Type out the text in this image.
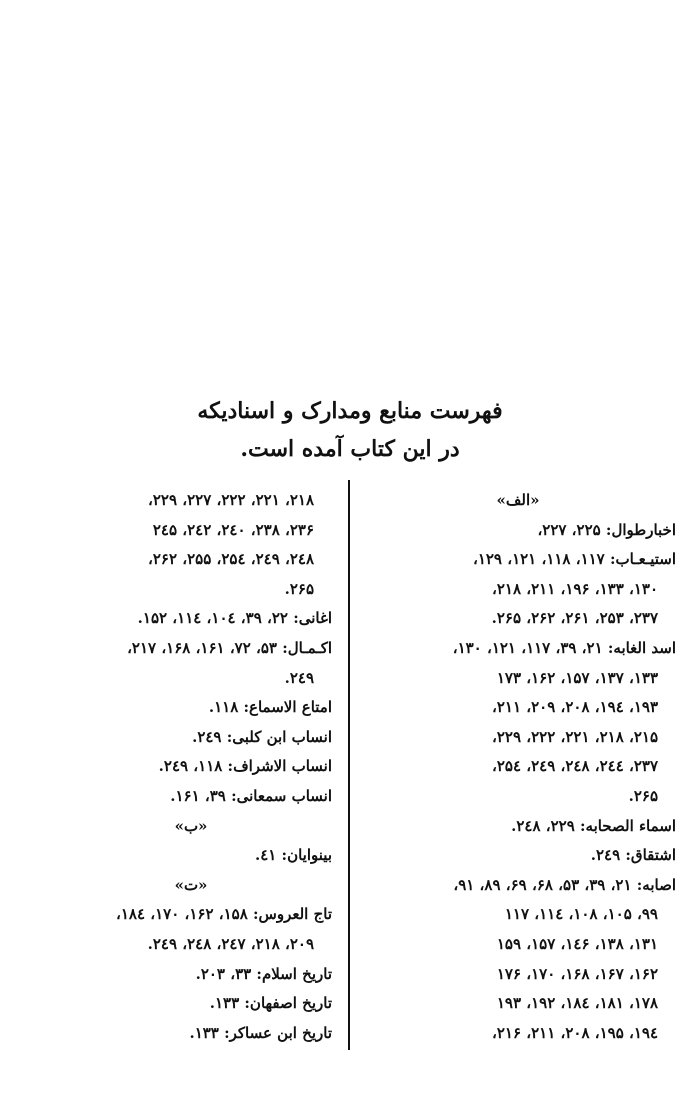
فهرست منابع ومدارک و اسنادیکه
در این کتاب آمده است.
«الف»
اخبارطوال: ۲۲۵، ۲۲۷،
استيـعـاب: ۱۱۷، ۱۱۸، ۱۲۱، ۱۲۹،
۱۳۰، ۱۳۳، ۱۹۶، ۲۱۱، ۲۱۸،
۲۳۷، ۲۵۳، ۲۶۱، ۲۶۲، ۲۶۵.
اسد الغابه: ۲۱، ۳۹، ۱۱۷، ۱۲۱، ۱۳۰،
۱۳۳، ۱۳۷، ۱۵۷، ۱۶۲، ۱۷۳
۱۹۳، ۱۹٤، ۲۰۸، ۲۰۹، ۲۱۱،
۲۱۵، ۲۱۸، ۲۲۱، ۲۲۲، ۲۲۹،
۲۳۷، ۲٤٤، ۲٤۸، ۲٤۹، ۲۵٤،
۲۶۵.
اسماء الصحابه: ۲۲۹، ۲٤۸.
اشتقاق: ۲٤۹.
اصابه: ۲۱، ۳۹، ۵۳، ۶۸، ۶۹، ۸۹، ۹۱،
۹۹، ۱۰۵، ۱۰۸، ۱۱٤، ۱۱۷
۱۳۱، ۱۳۸، ۱٤۶، ۱۵۷، ۱۵۹
۱۶۲، ۱۶۷، ۱۶۸، ۱۷۰، ۱۷۶
۱۷۸، ۱۸۱، ۱۸٤، ۱۹۲، ۱۹۳
۱۹٤، ۱۹۵، ۲۰۸، ۲۱۱، ۲۱۶،
۲۱۸، ۲۲۱، ۲۲۲، ۲۲۷، ۲۲۹،
۲۳۶، ۲۳۸، ۲٤۰، ۲٤۲، ۲٤۵
۲٤۸، ۲٤۹، ۲۵٤، ۲۵۵، ۲۶۲،
۲۶۵.
اغانی: ۲۲، ۳۹، ۱۰٤، ۱۱٤، ۱۵۲.
اکـمـال: ۵۳، ۷۲، ۱۶۱، ۱۶۸، ۲۱۷،
۲٤۹.
امتاع الاسماع: ۱۱۸.
انساب ابن کلبی: ۲٤۹.
انساب الاشراف: ۱۱۸، ۲٤۹.
انساب سمعانی: ۳۹، ۱۶۱.
«ب»
بینوایان: ٤۱.
«ت»
تاج العروس: ۱۵۸، ۱۶۲، ۱۷۰، ۱۸٤،
۲۰۹، ۲۱۸، ۲٤۷، ۲٤۸، ۲٤۹.
تاریخ اسلام: ۳۳، ۲۰۳.
تاریخ اصفهان: ۱۳۳.
تاریخ ابن عساکر: ۱۳۳.
